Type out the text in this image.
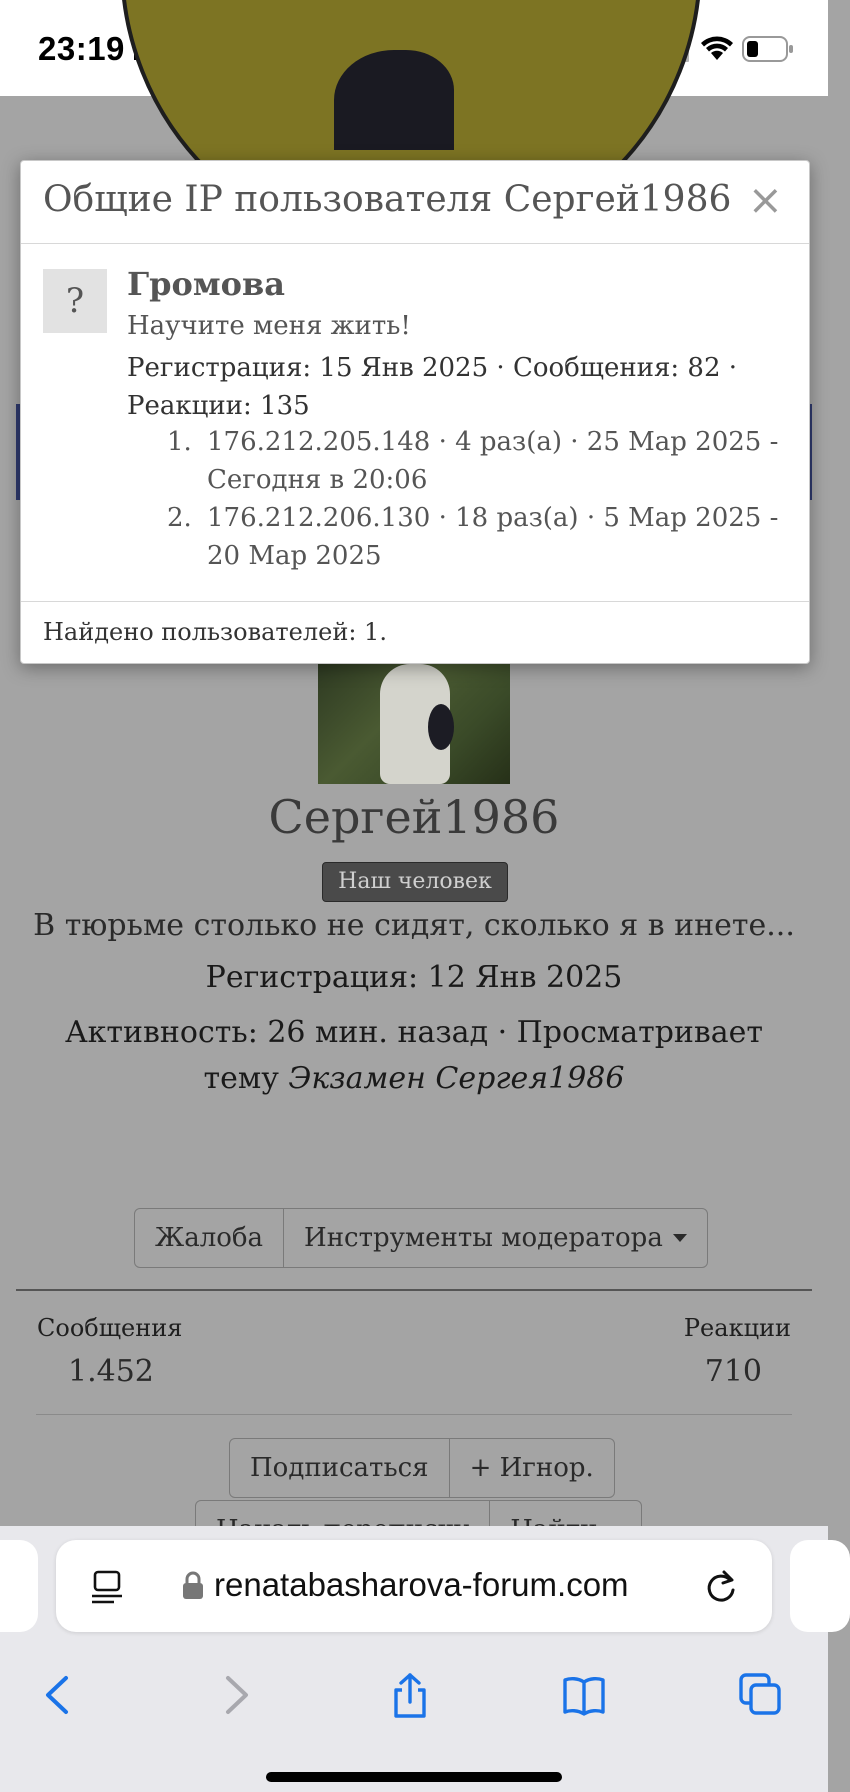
23:19
Сергей1986
Наш человек
В тюрьме столько не сидят, сколько я в инете...
Регистрация: 12 Янв 2025
Активность: 26 мин. назад · Просматривает тему Экзамен Сергея1986
Жалоба	Инструменты модератора
Сообщения
1.452
Реакции
710
Подписаться	+ Игнор.
Общие IP пользователя Сергей1986 ×
?	Громова
Научите меня жить!
Регистрация: 15 Янв 2025 · Сообщения: 82 · Реакции: 135
1. 176.212.205.148 · 4 раз(а) · 25 Мар 2025 - Сегодня в 20:06
2. 176.212.206.130 · 18 раз(а) · 5 Мар 2025 - 20 Мар 2025
Найдено пользователей: 1.
renatabasharova-forum.com
